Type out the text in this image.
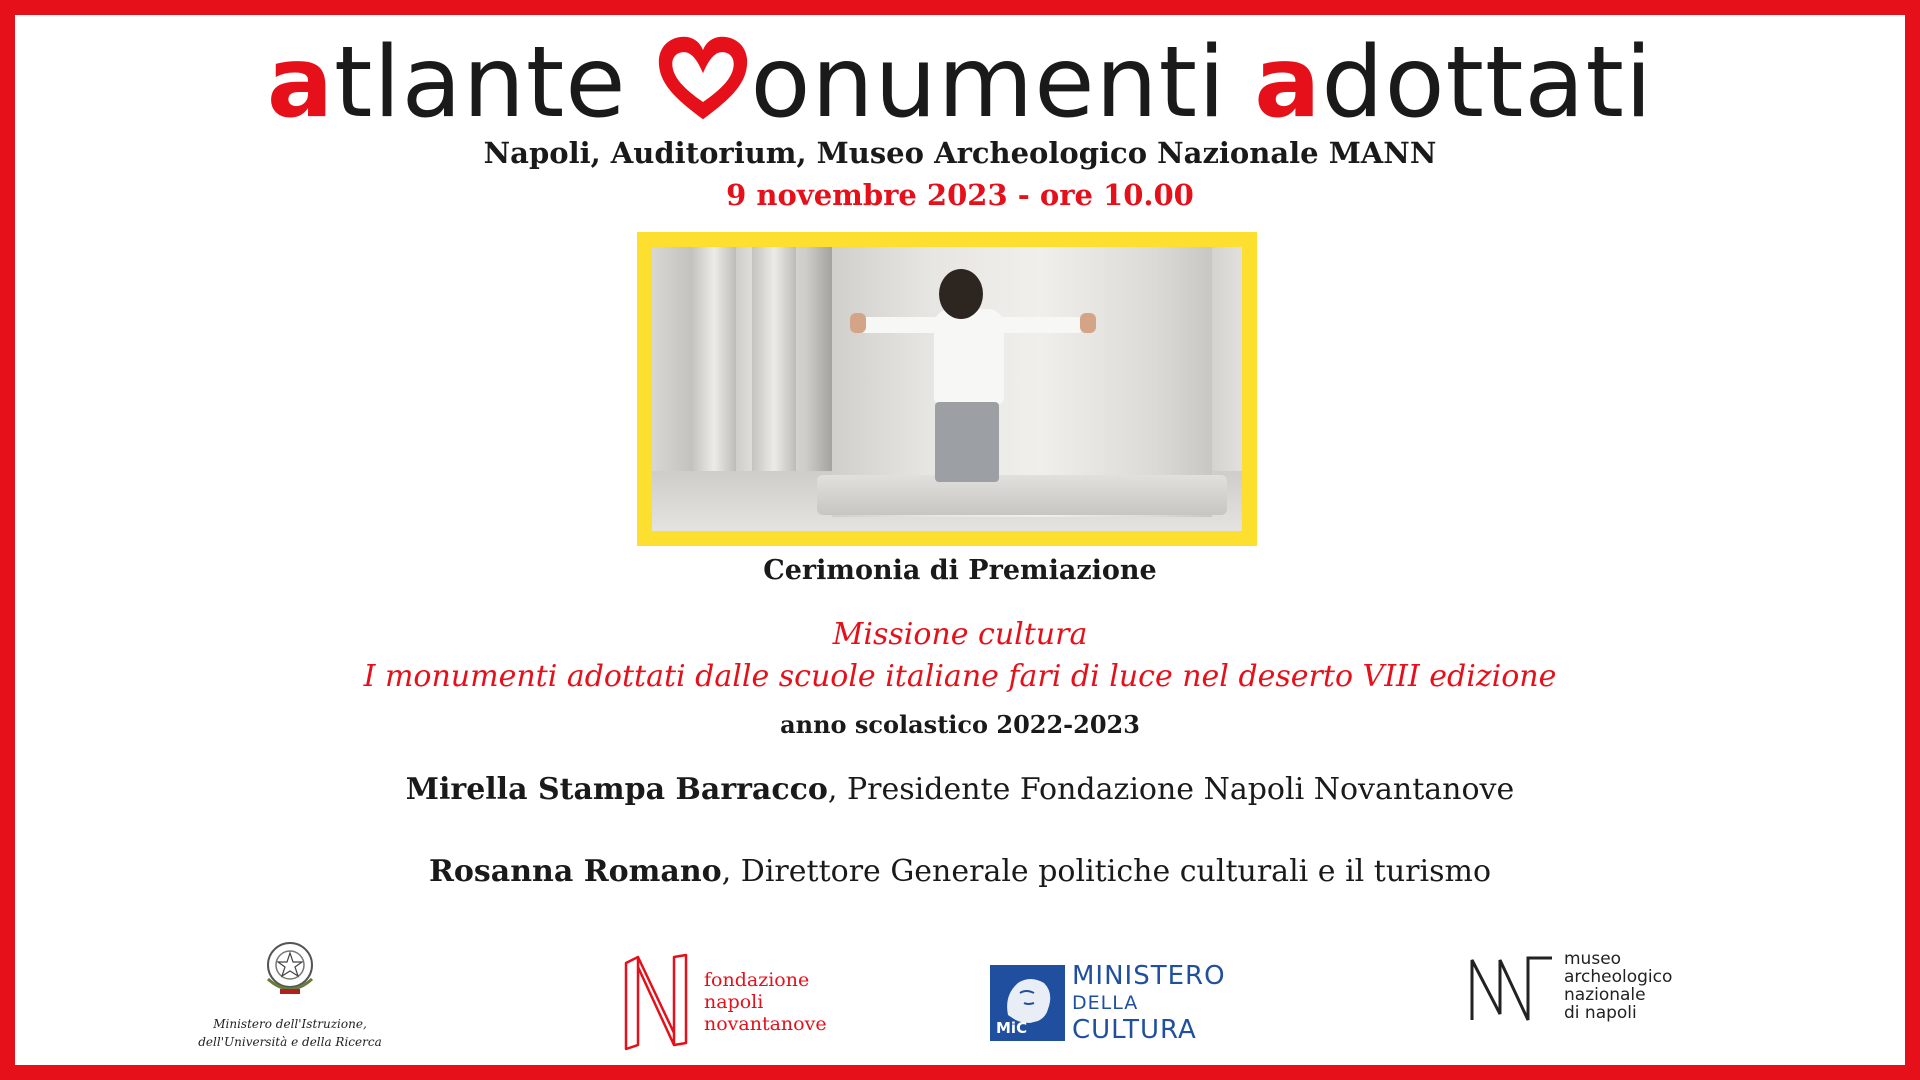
atlante onumenti adottati
Napoli, Auditorium, Museo Archeologico Nazionale MANN
9 novembre 2023 - ore 10.00
Cerimonia di Premiazione
Missione cultura
I monumenti adottati dalle scuole italiane fari di luce nel deserto VIII edizione
anno scolastico 2022-2023
Mirella Stampa Barracco, Presidente Fondazione Napoli Novantanove
Rosanna Romano, Direttore Generale politiche culturali e il turismo
Ministero dell'Istruzione,
dell'Università e della Ricerca
fondazione
napoli
novantanove	MiC
MINISTERO
DELLA
CULTURA
museo
archeologico
nazionale
di napoli
